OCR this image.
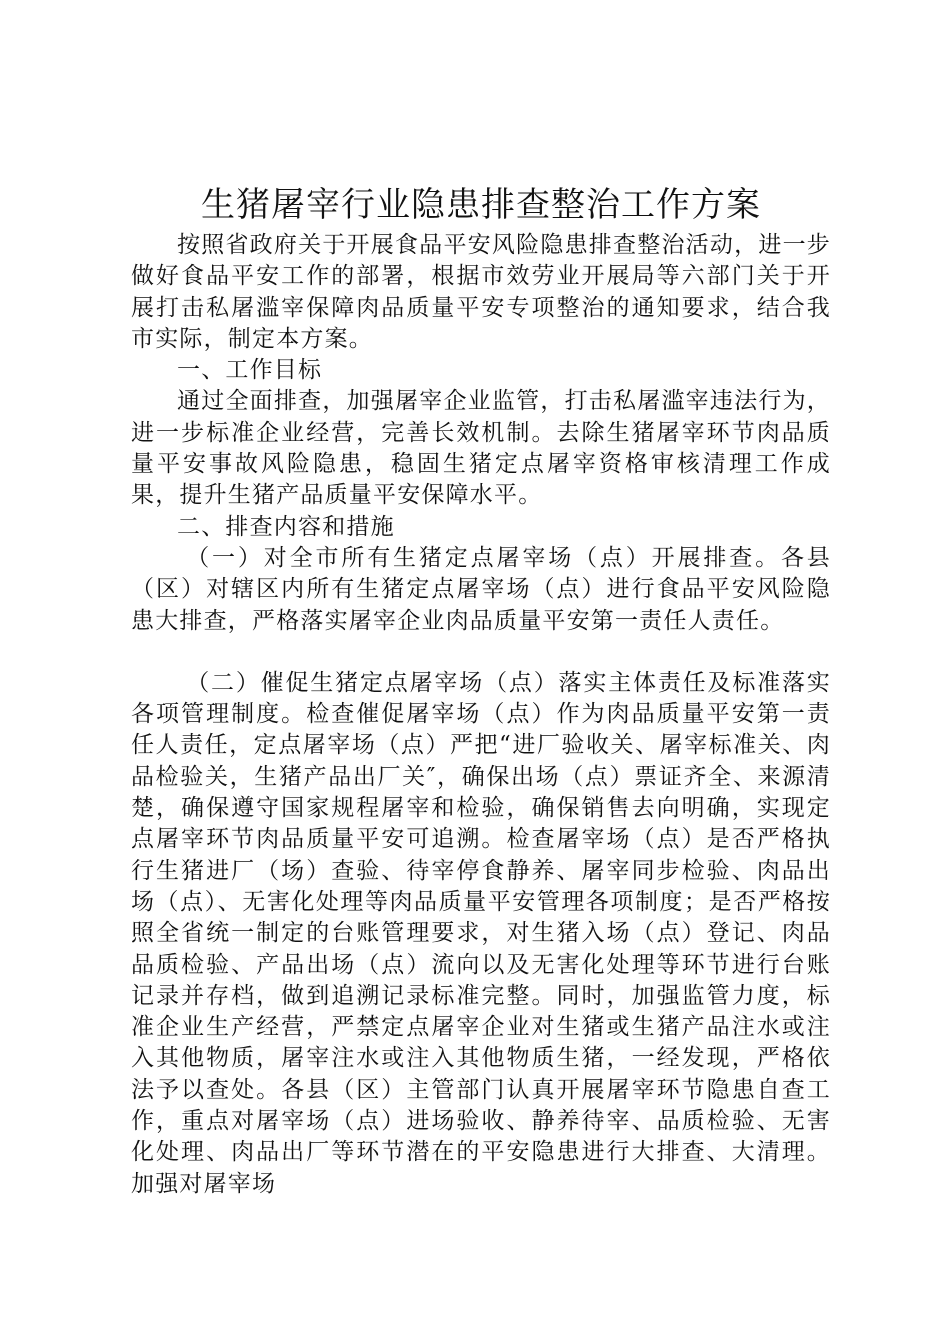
生猪屠宰行业隐患排查整治工作方案

按照省政府关于开展食品平安风险隐患排查整治活动，进一步做好食品平安工作的部署，根据市效劳业开展局等六部门关于开展打击私屠滥宰保障肉品质量平安专项整治的通知要求，结合我市实际，制定本方案。

一、工作目标

通过全面排查，加强屠宰企业监管，打击私屠滥宰违法行为，进一步标准企业经营，完善长效机制。去除生猪屠宰环节肉品质量平安事故风险隐患，稳固生猪定点屠宰资格审核清理工作成果，提升生猪产品质量平安保障水平。

二、排查内容和措施

（一）对全市所有生猪定点屠宰场（点）开展排查。各县（区）对辖区内所有生猪定点屠宰场（点）进行食品平安风险隐患大排查，严格落实屠宰企业肉品质量平安第一责任人责任。

（二）催促生猪定点屠宰场（点）落实主体责任及标准落实各项管理制度。检查催促屠宰场（点）作为肉品质量平安第一责任人责任，定点屠宰场（点）严把“进厂验收关、屠宰标准关、肉品检验关，生猪产品出厂关″，确保出场（点）票证齐全、来源清楚，确保遵守国家规程屠宰和检验，确保销售去向明确，实现定点屠宰环节肉品质量平安可追溯。检查屠宰场（点）是否严格执行生猪进厂（场）查验、待宰停食静养、屠宰同步检验、肉品出场（点）、无害化处理等肉品质量平安管理各项制度；是否严格按照全省统一制定的台账管理要求，对生猪入场（点）登记、肉品品质检验、产品出场（点）流向以及无害化处理等环节进行台账记录并存档，做到追溯记录标准完整。同时，加强监管力度，标准企业生产经营，严禁定点屠宰企业对生猪或生猪产品注水或注入其他物质，屠宰注水或注入其他物质生猪，一经发现，严格依法予以查处。各县（区）主管部门认真开展屠宰环节隐患自查工作，重点对屠宰场（点）进场验收、静养待宰、品质检验、无害化处理、肉品出厂等环节潜在的平安隐患进行大排查、大清理。加强对屠宰场
